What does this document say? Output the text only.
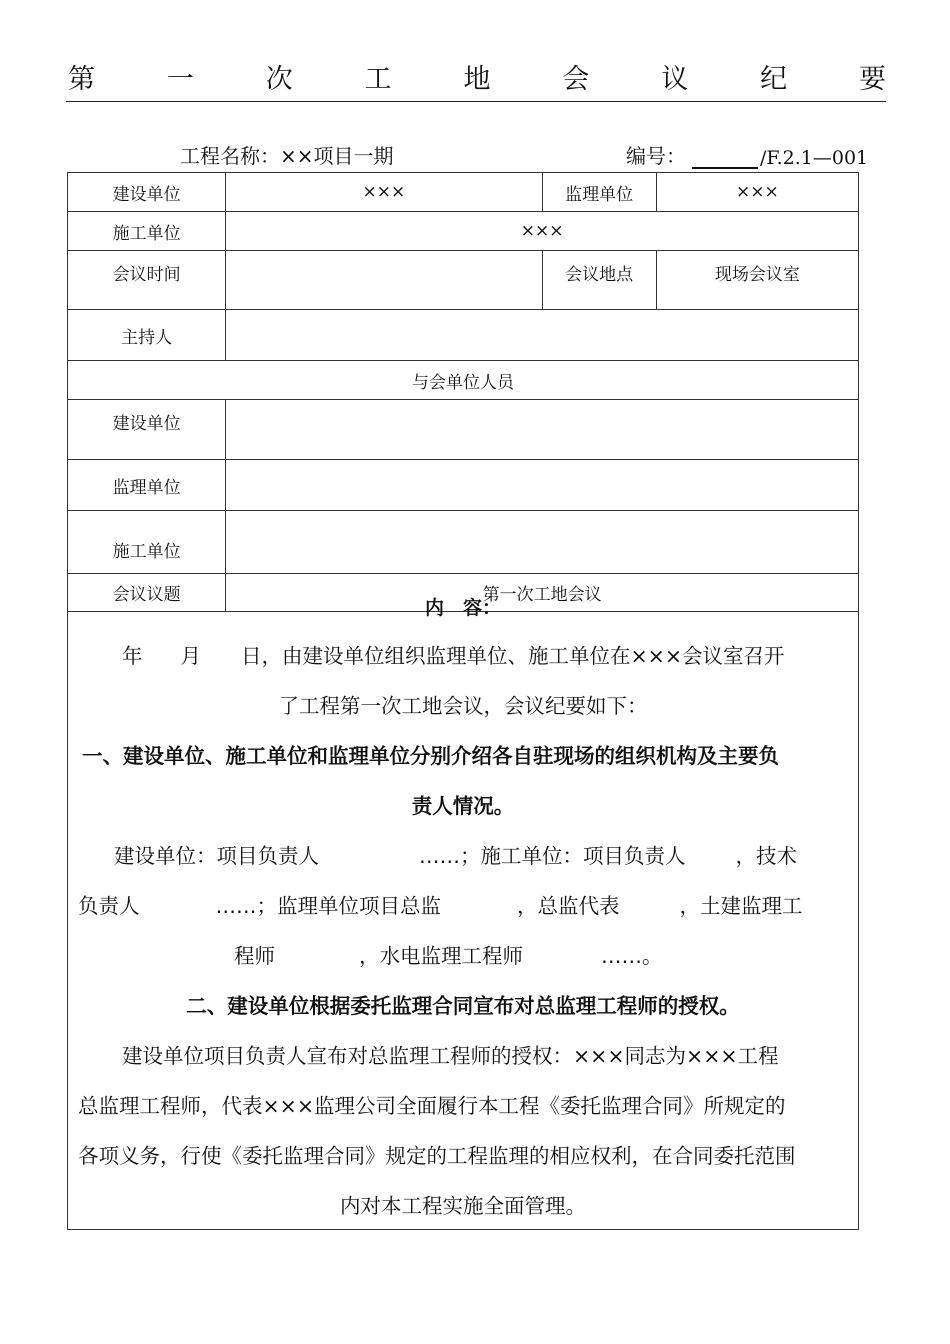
第	一	次	工	地	会	议	纪	要
工程名称：××项目一期	编号：	/F.2.1—001
建设单位	×××	监理单位	×××
施工单位	×××		
会议时间		会议地点	现场会议室
主持人			
与会单位人员			
建设单位			
监理单位			
施工单位			
会议议题	第一次工地会议		
内　容：
年 月 日，由建设单位组织监理单位、施工单位在×××会议室召开
了工程第一次工地会议，会议纪要如下：
一、建设单位、施工单位和监理单位分别介绍各自驻现场的组织机构及主要负
责人情况。
建设单位：项目负责人	……；施工单位：项目负责人 ，技术
负责人	……；监理单位项目总监	，总监代表	，土建监理工
程师	，水电监理工程师	……。
二、建设单位根据委托监理合同宣布对总监理工程师的授权。
建设单位项目负责人宣布对总监理工程师的授权：×××同志为×××工程
总监理工程师，代表×××监理公司全面履行本工程《委托监理合同》所规定的
各项义务，行使《委托监理合同》规定的工程监理的相应权利，在合同委托范围
内对本工程实施全面管理。
